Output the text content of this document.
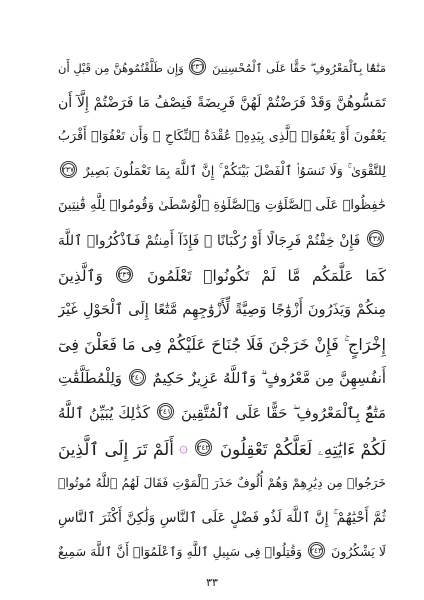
مَتَٰعًۢا بِٱلْمَعْرُوفِ ۖ حَقًّا عَلَى ٱلْمُحْسِنِينَ ٢٣٦ وَإِن طَلَّقْتُمُوهُنَّ مِن قَبْلِ أَن
تَمَسُّوهُنَّ وَقَدْ فَرَضْتُمْ لَهُنَّ فَرِيضَةً فَنِصْفُ مَا فَرَضْتُمْ إِلَّآ أَن
يَعْفُونَ أَوْ يَعْفُوَا۟ ٱلَّذِى بِيَدِهِۦ عُقْدَةُ ٱلنِّكَاحِ ۚ وَأَن تَعْفُوٓا۟ أَقْرَبُ
لِلتَّقْوَىٰ ۚ وَلَا تَنسَوُا۟ ٱلْفَضْلَ بَيْنَكُمْ ۚ إِنَّ ٱللَّهَ بِمَا تَعْمَلُونَ بَصِيرٌ ٢٣٧
حَٰفِظُوا۟ عَلَى ٱلصَّلَوَٰتِ وَٱلصَّلَوٰةِ ٱلْوُسْطَىٰ وَقُومُوا۟ لِلَّهِ قَٰنِتِينَ
٢٣٨ فَإِنْ خِفْتُمْ فَرِجَالًا أَوْ رُكْبَانًا ۖ فَإِذَآ أَمِنتُمْ فَٱذْكُرُوا۟ ٱللَّهَ
كَمَا عَلَّمَكُم مَّا لَمْ تَكُونُوا۟ تَعْلَمُونَ ٢٣٩ وَٱلَّذِينَ
مِنكُمْ وَيَذَرُونَ أَزْوَٰجًا وَصِيَّةً لِّأَزْوَٰجِهِم مَّتَٰعًا إِلَى ٱلْحَوْلِ غَيْرَ
إِخْرَاجٍ ۚ فَإِنْ خَرَجْنَ فَلَا جُنَاحَ عَلَيْكُمْ فِى مَا فَعَلْنَ فِىٓ
أَنفُسِهِنَّ مِن مَّعْرُوفٍ ۗ وَٱللَّهُ عَزِيزٌ حَكِيمٌ ٢٤٠ وَلِلْمُطَلَّقَٰتِ
مَتَٰعٌۢ بِٱلْمَعْرُوفِ ۖ حَقًّا عَلَى ٱلْمُتَّقِينَ ٢٤١ كَذَٰلِكَ يُبَيِّنُ ٱللَّهُ
لَكُمْ ءَايَٰتِهِۦ لَعَلَّكُمْ تَعْقِلُونَ ٢٤٢ ۞ أَلَمْ تَرَ إِلَى ٱلَّذِينَ
خَرَجُوا۟ مِن دِيَٰرِهِمْ وَهُمْ أُلُوفٌ حَذَرَ ٱلْمَوْتِ فَقَالَ لَهُمُ ٱللَّهُ مُوتُوا۟
ثُمَّ أَحْيَٰهُمْ ۚ إِنَّ ٱللَّهَ لَذُو فَضْلٍ عَلَى ٱلنَّاسِ وَلَٰكِنَّ أَكْثَرَ ٱلنَّاسِ
لَا يَشْكُرُونَ ٢٤٣ وَقَٰتِلُوا۟ فِى سَبِيلِ ٱللَّهِ وَٱعْلَمُوٓا۟ أَنَّ ٱللَّهَ سَمِيعٌ
٣٣
